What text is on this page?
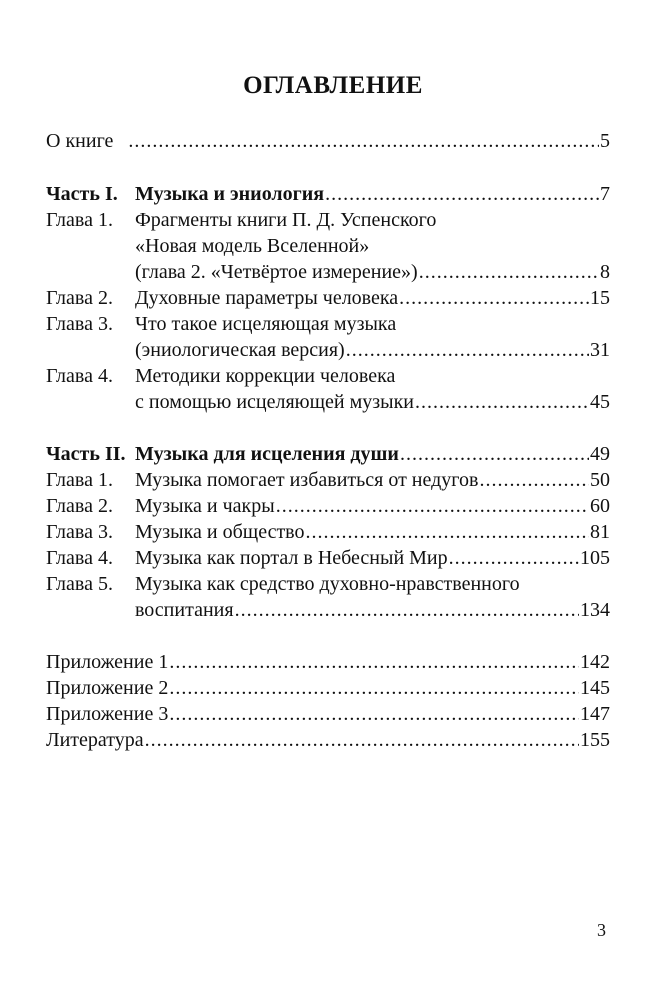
ОГЛАВЛЕНИЕ
О книге .....	5
Часть I. Музыка и эниология .....	7
Глава 1. Фрагменты книги П. Д. Успенского
«Новая модель Вселенной»
(глава 2. «Четвёртое измерение») .....	8
Глава 2. Духовные параметры человека .....	15
Глава 3. Что такое исцеляющая музыка
(эниологическая версия) .....	31
Глава 4. Методики коррекции человека
с помощью исцеляющей музыки .....	45
Часть II. Музыка для исцеления души .....	49
Глава 1. Музыка помогает избавиться от недугов .....	50
Глава 2. Музыка и чакры .....	60
Глава 3. Музыка и общество .....	81
Глава 4. Музыка как портал в Небесный Мир .....	105
Глава 5. Музыка как средство духовно-нравственного
воспитания .....	134
Приложение 1 .....	142
Приложение 2 .....	145
Приложение 3 .....	147
Литература .....	155
3
